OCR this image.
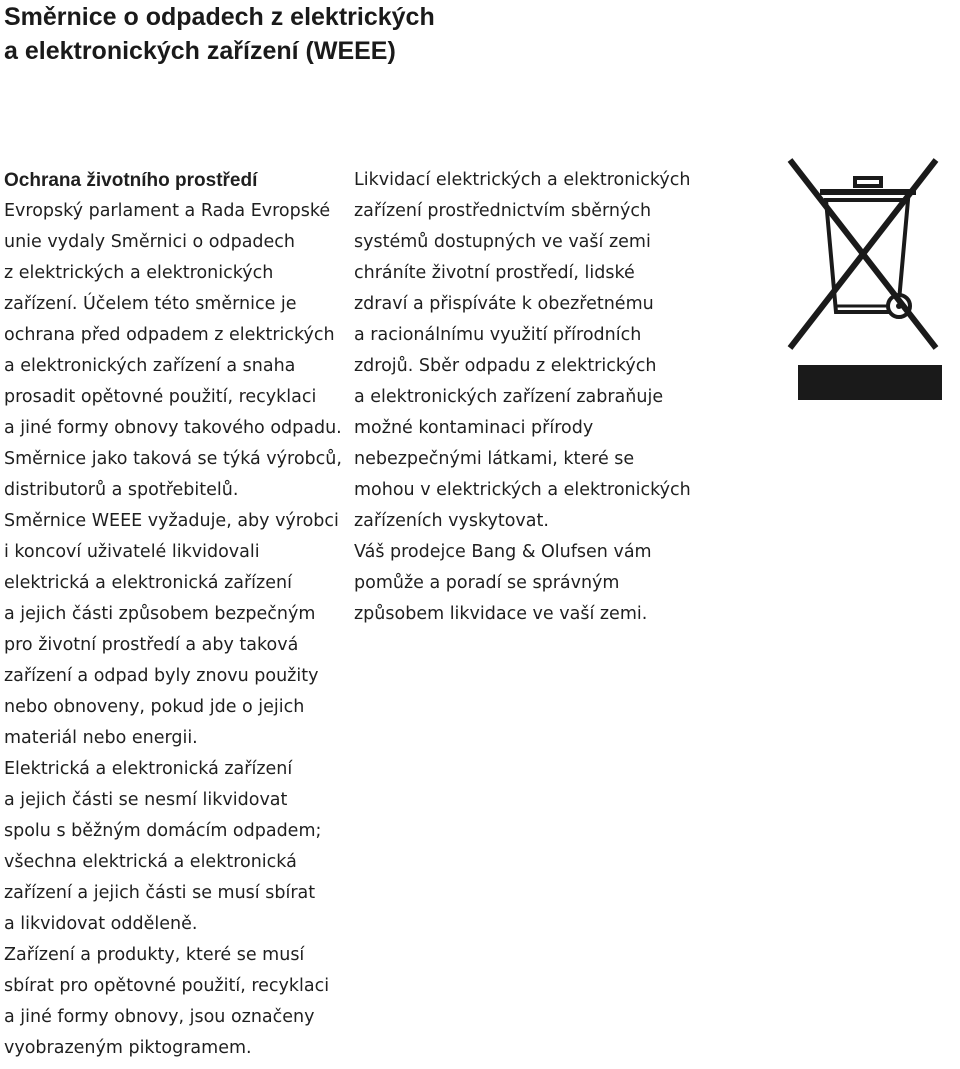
Směrnice o odpadech z elektrických
a elektronických zařízení (WEEE)
Ochrana životního prostředí
Evropský parlament a Rada Evropské
unie vydaly Směrnici o odpadech
z elektrických a elektronických
zařízení. Účelem této směrnice je
ochrana před odpadem z elektrických
a elektronických zařízení a snaha
prosadit opětovné použití, recyklaci
a jiné formy obnovy takového odpadu.
Směrnice jako taková se týká výrobců,
distributorů a spotřebitelů.
Směrnice WEEE vyžaduje, aby výrobci
i koncoví uživatelé likvidovali
elektrická a elektronická zařízení
a jejich části způsobem bezpečným
pro životní prostředí a aby taková
zařízení a odpad byly znovu použity
nebo obnoveny, pokud jde o jejich
materiál nebo energii.
Elektrická a elektronická zařízení
a jejich části se nesmí likvidovat
spolu s běžným domácím odpadem;
všechna elektrická a elektronická
zařízení a jejich části se musí sbírat
a likvidovat odděleně.
Zařízení a produkty, které se musí
sbírat pro opětovné použití, recyklaci
a jiné formy obnovy, jsou označeny
vyobrazeným piktogramem.
Likvidací elektrických a elektronických
zařízení prostřednictvím sběrných
systémů dostupných ve vaší zemi
chráníte životní prostředí, lidské
zdraví a přispíváte k obezřetnému
a racionálnímu využití přírodních
zdrojů. Sběr odpadu z elektrických
a elektronických zařízení zabraňuje
možné kontaminaci přírody
nebezpečnými látkami, které se
mohou v elektrických a elektronických
zařízeních vyskytovat.
Váš prodejce Bang & Olufsen vám
pomůže a poradí se správným
způsobem likvidace ve vaší zemi.
